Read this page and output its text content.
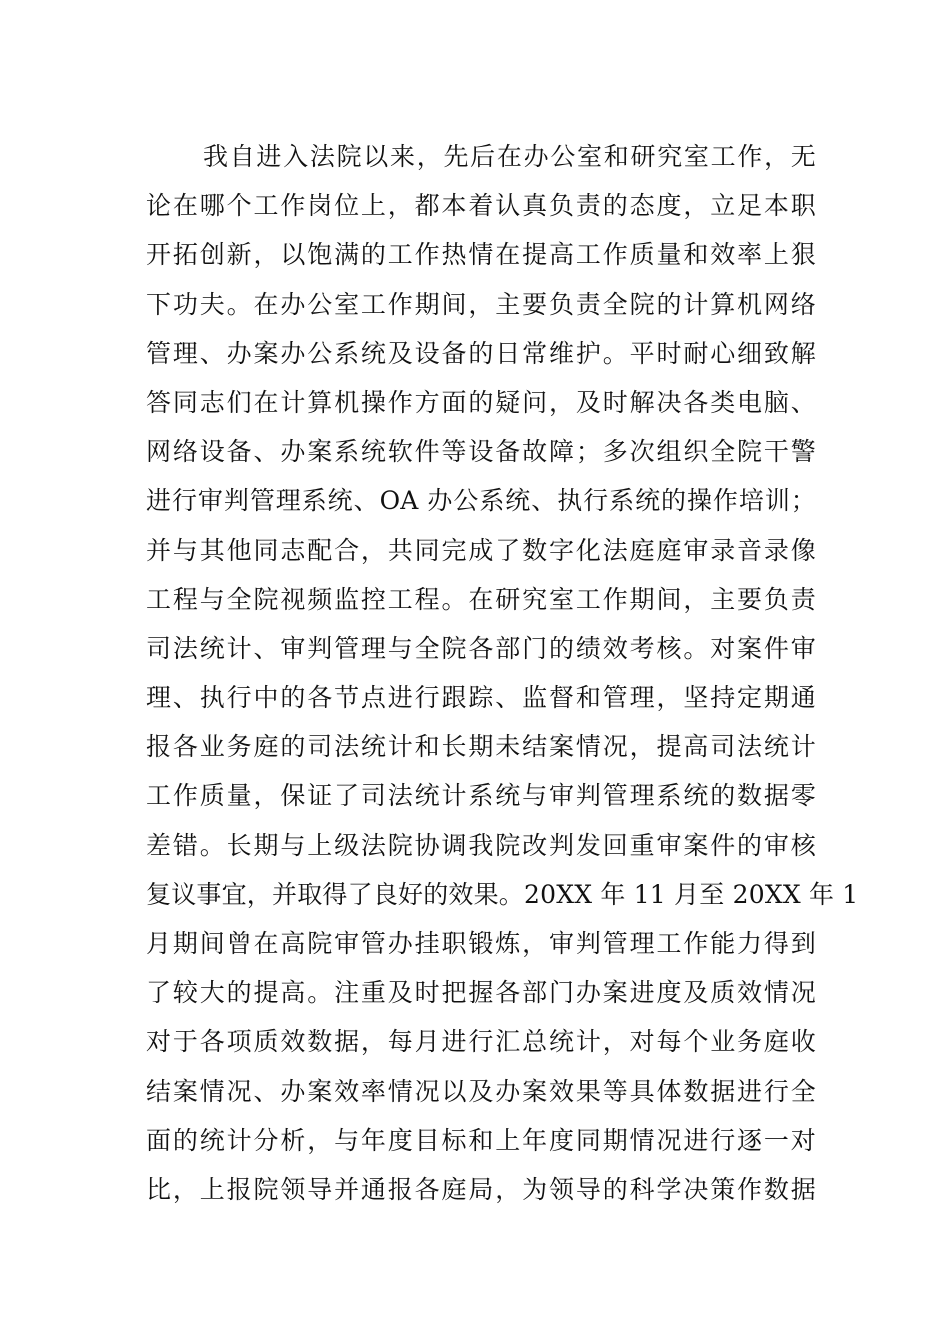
我自进入法院以来，先后在办公室和研究室工作，无
论在哪个工作岗位上，都本着认真负责的态度，立足本职
开拓创新，以饱满的工作热情在提高工作质量和效率上狠
下功夫。在办公室工作期间，主要负责全院的计算机网络
管理、办案办公系统及设备的日常维护。平时耐心细致解
答同志们在计算机操作方面的疑问，及时解决各类电脑、
网络设备、办案系统软件等设备故障；多次组织全院干警
进行审判管理系统、OA 办公系统、执行系统的操作培训；
并与其他同志配合，共同完成了数字化法庭庭审录音录像
工程与全院视频监控工程。在研究室工作期间，主要负责
司法统计、审判管理与全院各部门的绩效考核。对案件审
理、执行中的各节点进行跟踪、监督和管理，坚持定期通
报各业务庭的司法统计和长期未结案情况，提高司法统计
工作质量，保证了司法统计系统与审判管理系统的数据零
差错。长期与上级法院协调我院改判发回重审案件的审核
复议事宜，并取得了良好的效果。20XX 年 11 月至 20XX 年 1
月期间曾在高院审管办挂职锻炼，审判管理工作能力得到
了较大的提高。注重及时把握各部门办案进度及质效情况
对于各项质效数据，每月进行汇总统计，对每个业务庭收
结案情况、办案效率情况以及办案效果等具体数据进行全
面的统计分析，与年度目标和上年度同期情况进行逐一对
比，上报院领导并通报各庭局，为领导的科学决策作数据
